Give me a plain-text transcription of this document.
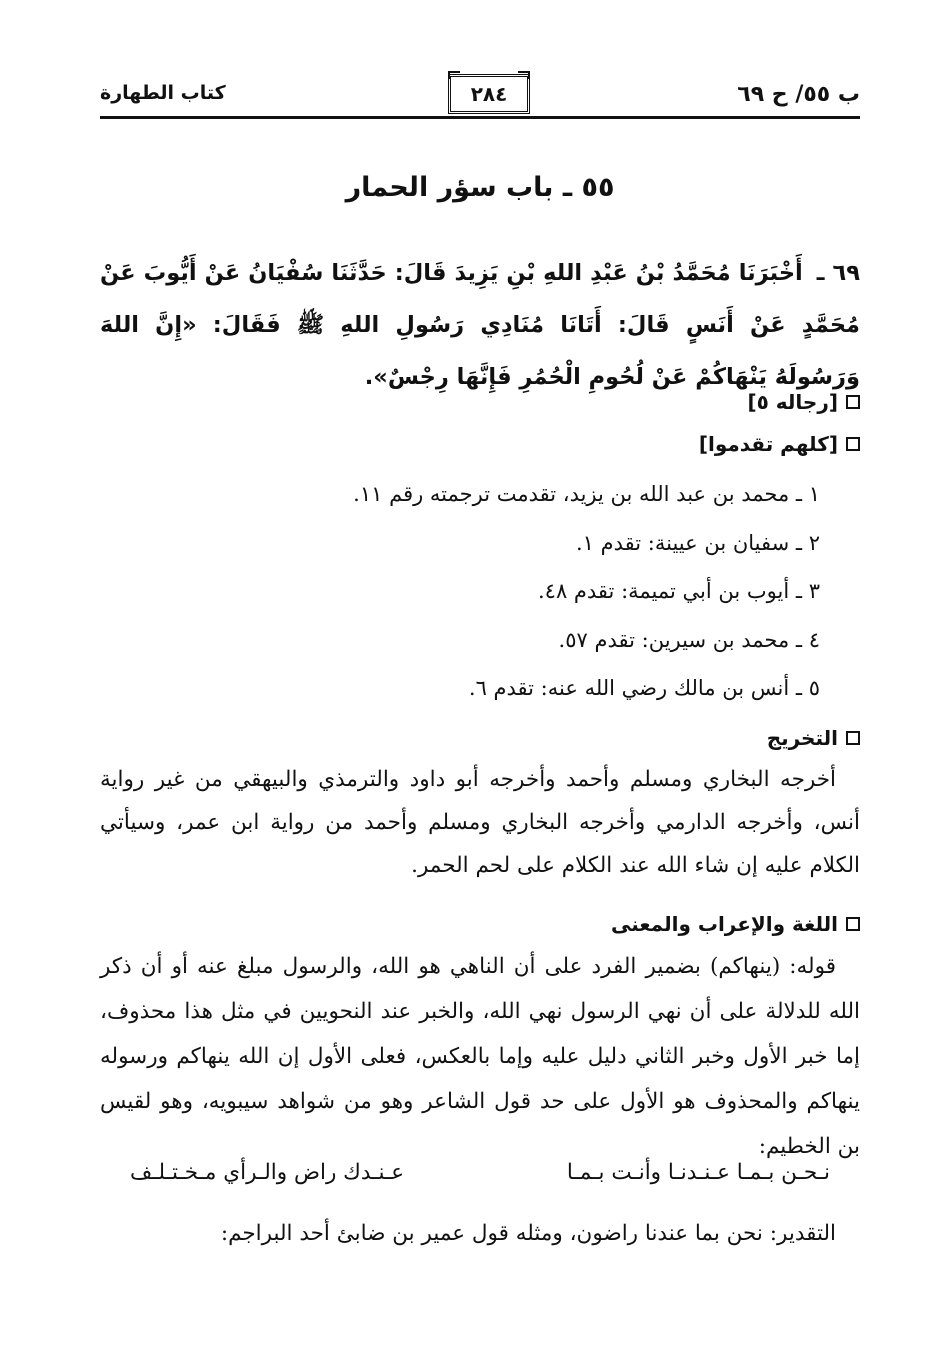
ب ٥٥/ ح ٦٩
٢٨٤
كتاب الطهارة
٥٥ ـ باب سؤر الحمار

٦٩ ـ أَخْبَرَنَا مُحَمَّدُ بْنُ عَبْدِ اللهِ بْنِ يَزِيدَ قَالَ: حَدَّثَنَا سُفْيَانُ عَنْ أَيُّوبَ عَنْ مُحَمَّدٍ عَنْ أَنَسٍ قَالَ: أَتَانَا مُنَادِي رَسُولِ اللهِ ﷺ فَقَالَ: «إِنَّ اللهَ وَرَسُولَهُ يَنْهَاكُمْ عَنْ لُحُومِ الْحُمُرِ فَإِنَّهَا رِجْسٌ».

[رجاله ٥]
[كلهم تقدموا]
١ ـ محمد بن عبد الله بن يزيد، تقدمت ترجمته رقم ١١.
٢ ـ سفيان بن عيينة: تقدم ١.
٣ ـ أيوب بن أبي تميمة: تقدم ٤٨.
٤ ـ محمد بن سيرين: تقدم ٥٧.
٥ ـ أنس بن مالك رضي الله عنه: تقدم ٦.
التخريج

أخرجه البخاري ومسلم وأحمد وأخرجه أبو داود والترمذي والبيهقي من غير رواية أنس، وأخرجه الدارمي وأخرجه البخاري ومسلم وأحمد من رواية ابن عمر، وسيأتي الكلام عليه إن شاء الله عند الكلام على لحم الحمر.

اللغة والإعراب والمعنى

قوله: (ينهاكم) بضمير الفرد على أن الناهي هو الله، والرسول مبلغ عنه أو أن ذكر الله للدلالة على أن نهي الرسول نهي الله، والخبر عند النحويين في مثل هذا محذوف، إما خبر الأول وخبر الثاني دليل عليه وإما بالعكس، فعلى الأول إن الله ينهاكم ورسوله ينهاكم والمحذوف هو الأول على حد قول الشاعر وهو من شواهد سيبويه، وهو لقيس بن الخطيم:

نـحـن بـمـا عـنـدنـا وأنـت بـمـا
عـنـدك راض والـرأي مـخـتـلـف

التقدير: نحن بما عندنا راضون، ومثله قول عمير بن ضابئ أحد البراجم:
